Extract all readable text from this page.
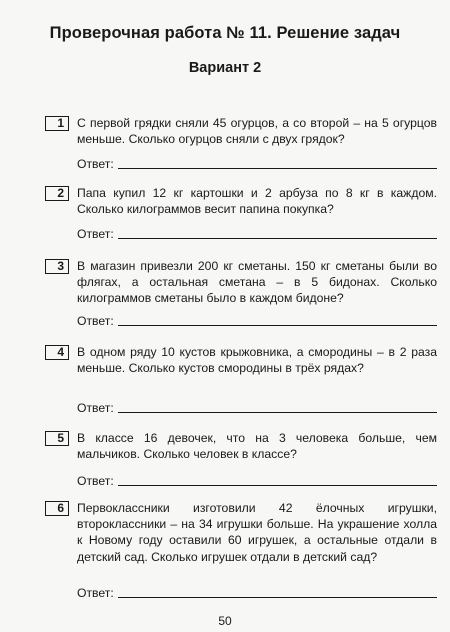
Проверочная работа № 11. Решение задач
Вариант 2
1	С первой грядки сняли 45 огурцов, а со второй – на 5 огурцов меньше. Сколько огурцов сняли с двух грядок?
Ответ:
2	Папа купил 12 кг картошки и 2 арбуза по 8 кг в каждом. Сколько килограммов весит папина покупка?
Ответ:
3	В магазин привезли 200 кг сметаны. 150 кг сметаны были во флягах, а остальная сметана – в 5 бидонах. Сколько килограммов сметаны было в каждом бидоне?
Ответ:
4	В одном ряду 10 кустов крыжовника, а смородины – в 2 раза меньше. Сколько кустов смородины в трёх рядах?
Ответ:
5	В классе 16 девочек, что на 3 человека больше, чем мальчиков. Сколько человек в классе?
Ответ:
6	Первоклассники изготовили 42 ёлочных игрушки, второклассники – на 34 игрушки больше. На украшение холла к Новому году оставили 60 игрушек, а остальные отдали в детский сад. Сколько игрушек отдали в детский сад?
Ответ:
50
